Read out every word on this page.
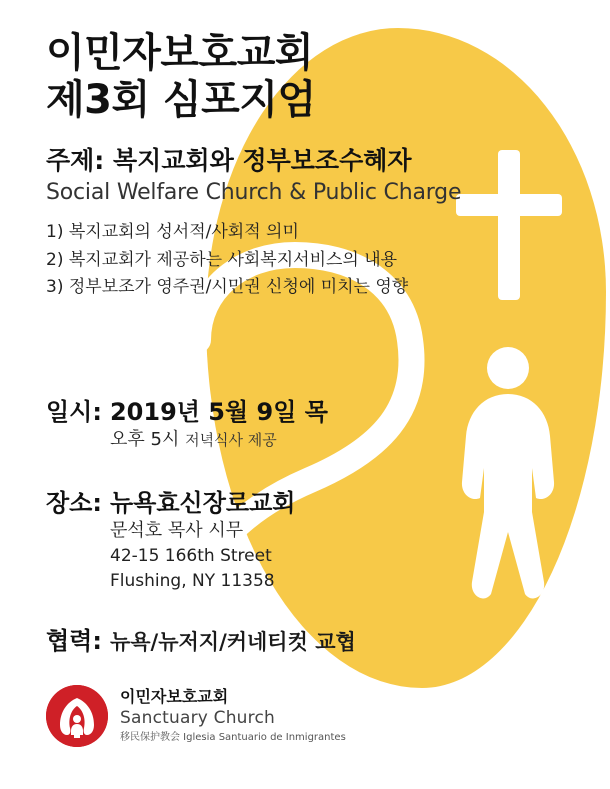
이민자보호교회
제3회 심포지엄
주제: 복지교회와 정부보조수혜자
Social Welfare Church & Public Charge
1) 복지교회의 성서적/사회적 의미
2) 복지교회가 제공하는 사회복지서비스의 내용
3) 정부보조가 영주권/시민권 신청에 미치는 영향
일시: 2019년 5월 9일 목
오후 5시 저녁식사 제공
장소: 뉴욕효신장로교회
문석호 목사 시무
42-15 166th Street
Flushing, NY 11358
협력: 뉴욕/뉴저지/커네티컷 교협
이민자보호교회
Sanctuary Church
移民保护教会 Iglesia Santuario de Inmigrantes
